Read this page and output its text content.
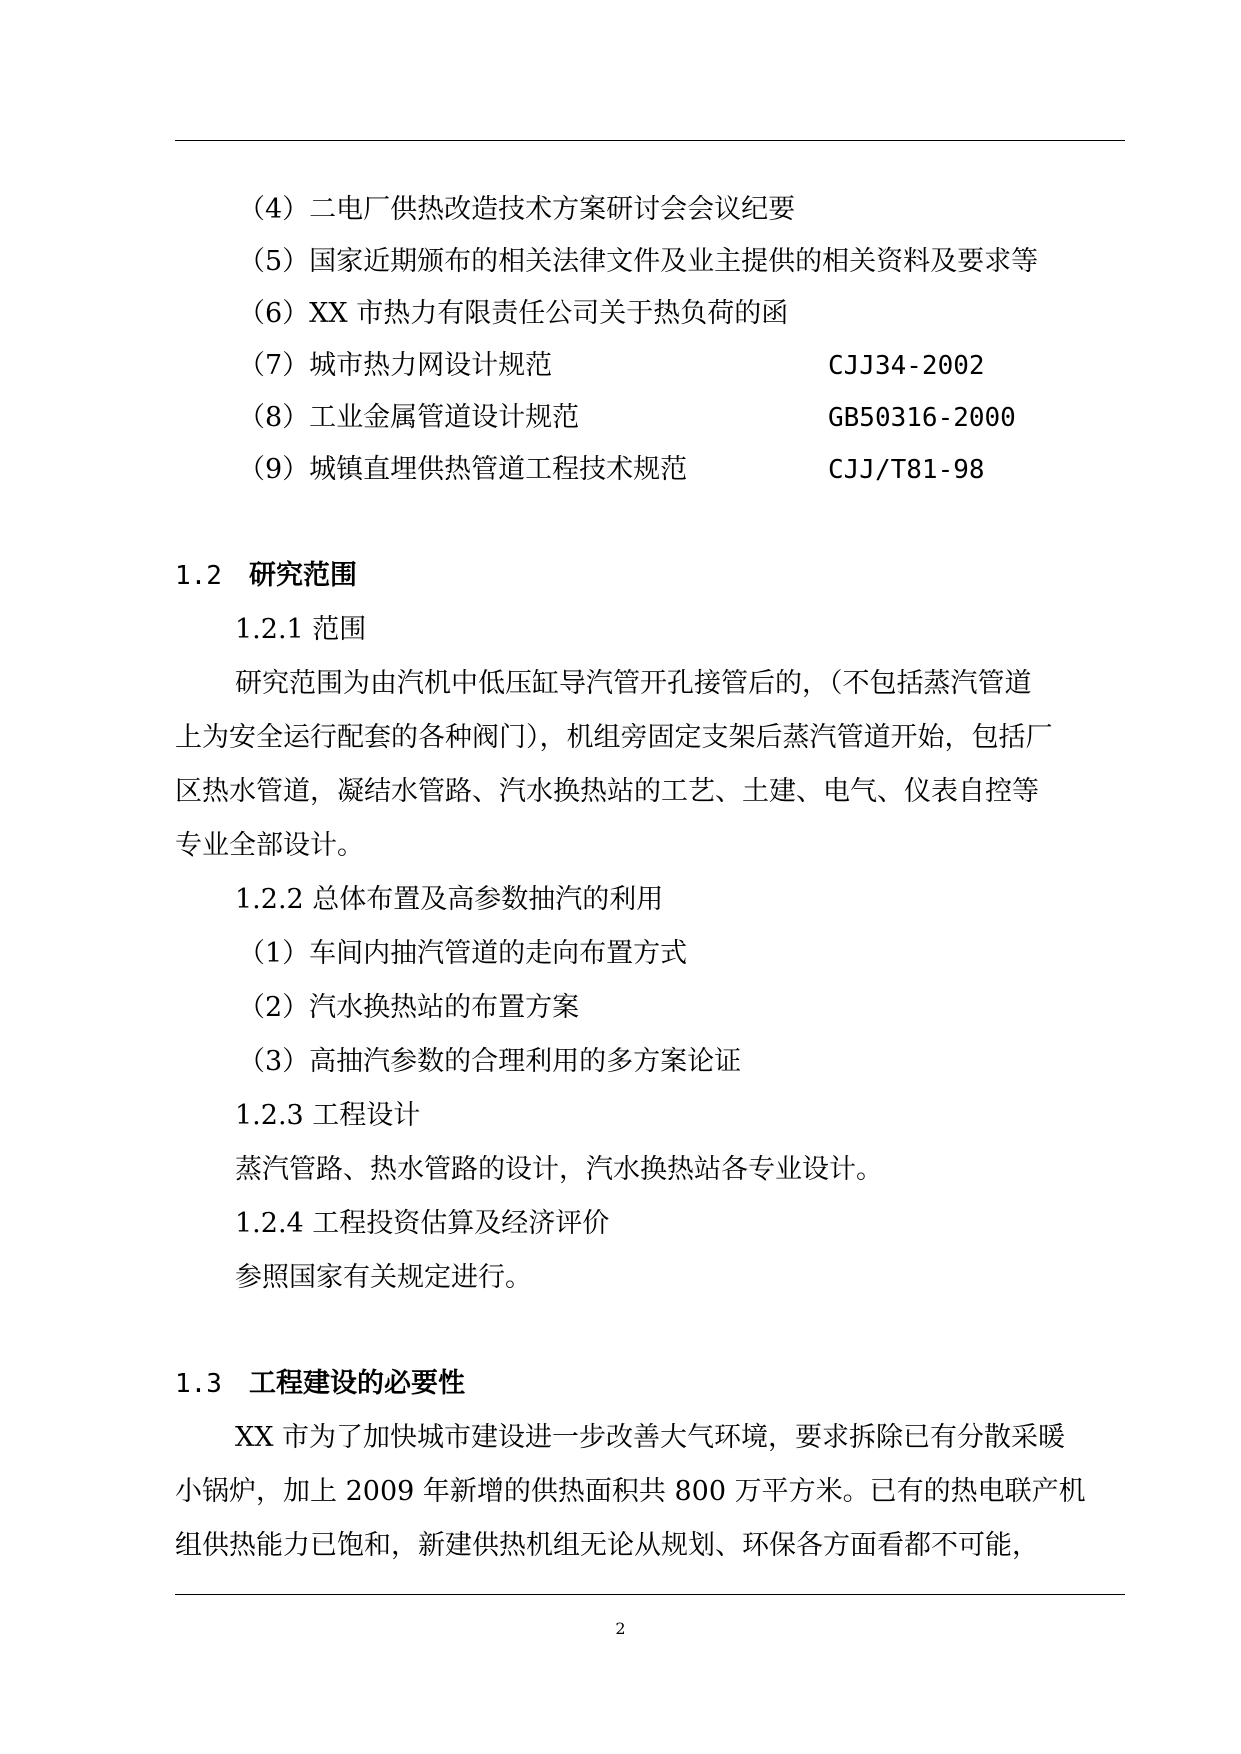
（4）二电厂供热改造技术方案研讨会会议纪要
（5）国家近期颁布的相关法律文件及业主提供的相关资料及要求等
（6）XX 市热力有限责任公司关于热负荷的函
（7）城市热力网设计规范	CJJ34-2002
（8）工业金属管道设计规范	GB50316-2000
（9）城镇直埋供热管道工程技术规范	CJJ/T81-98
1.2 研究范围
1.2.1 范围
研究范围为由汽机中低压缸导汽管开孔接管后的，（不包括蒸汽管道
上为安全运行配套的各种阀门），机组旁固定支架后蒸汽管道开始，包括厂
区热水管道，凝结水管路、汽水换热站的工艺、土建、电气、仪表自控等
专业全部设计。
1.2.2 总体布置及高参数抽汽的利用
（1）车间内抽汽管道的走向布置方式
（2）汽水换热站的布置方案
（3）高抽汽参数的合理利用的多方案论证
1.2.3 工程设计
蒸汽管路、热水管路的设计，汽水换热站各专业设计。
1.2.4 工程投资估算及经济评价
参照国家有关规定进行。
1.3 工程建设的必要性
XX 市为了加快城市建设进一步改善大气环境，要求拆除已有分散采暖
小锅炉，加上 2009 年新增的供热面积共 800 万平方米。已有的热电联产机
组供热能力已饱和，新建供热机组无论从规划、环保各方面看都不可能，
2
